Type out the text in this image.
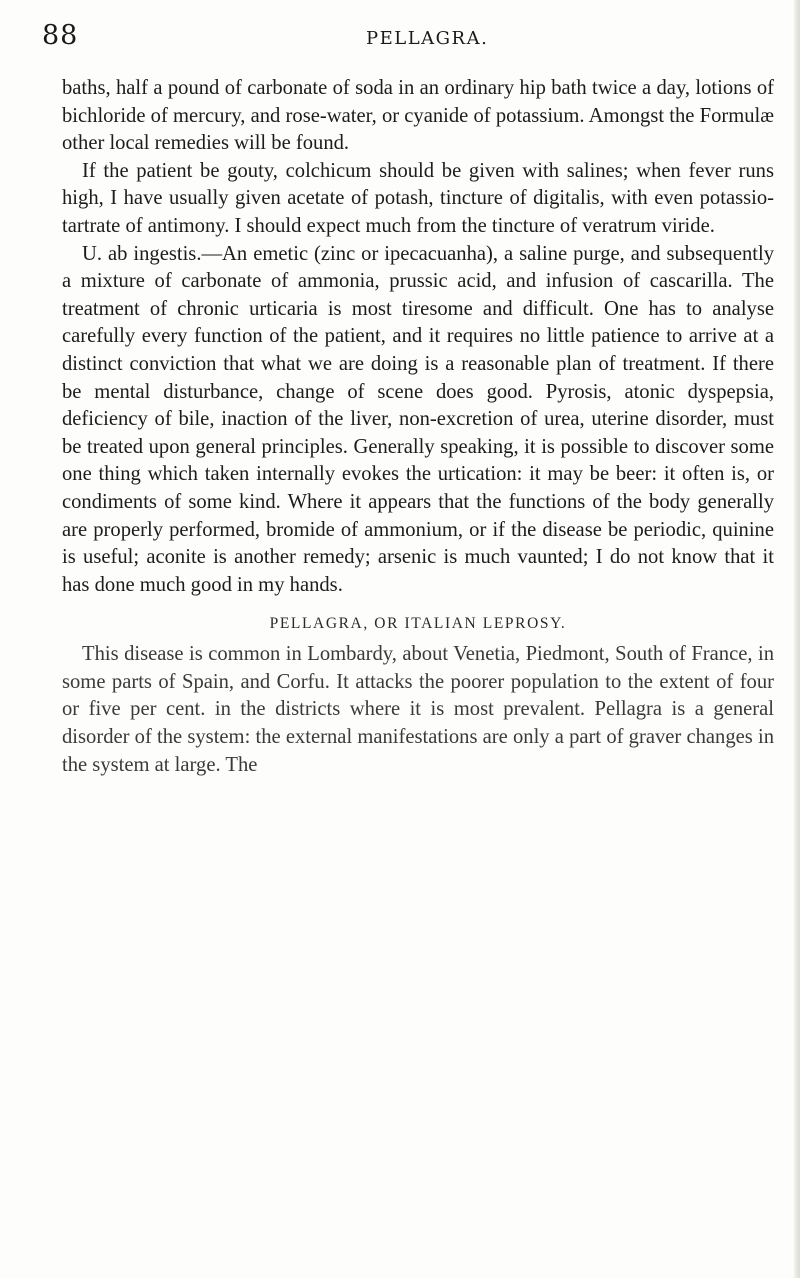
88	PELLAGRA.

baths, half a pound of carbonate of soda in an ordinary hip bath twice a day, lotions of bichloride of mercury, and rose-water, or cyanide of potassium. Amongst the Formulæ other local remedies will be found.

If the patient be gouty, colchicum should be given with salines; when fever runs high, I have usually given acetate of potash, tincture of digitalis, with even potassio-tartrate of antimony. I should expect much from the tincture of veratrum viride.

U. ab ingestis.—An emetic (zinc or ipecacuanha), a saline purge, and subsequently a mixture of carbonate of ammonia, prussic acid, and infusion of cascarilla. The treatment of chronic urticaria is most tiresome and difficult. One has to analyse carefully every function of the patient, and it requires no little patience to arrive at a distinct conviction that what we are doing is a reasonable plan of treatment. If there be mental disturbance, change of scene does good. Pyrosis, atonic dyspepsia, deficiency of bile, inaction of the liver, non-excretion of urea, uterine disorder, must be treated upon general principles. Generally speaking, it is possible to discover some one thing which taken internally evokes the urtication: it may be beer: it often is, or condiments of some kind. Where it appears that the functions of the body generally are properly performed, bromide of ammonium, or if the disease be periodic, quinine is useful; aconite is another remedy; arsenic is much vaunted; I do not know that it has done much good in my hands.

PELLAGRA, OR ITALIAN LEPROSY.

This disease is common in Lombardy, about Venetia, Piedmont, South of France, in some parts of Spain, and Corfu. It attacks the poorer population to the extent of four or five per cent. in the districts where it is most prevalent. Pellagra is a general disorder of the system: the external manifestations are only a part of graver changes in the system at large. The
